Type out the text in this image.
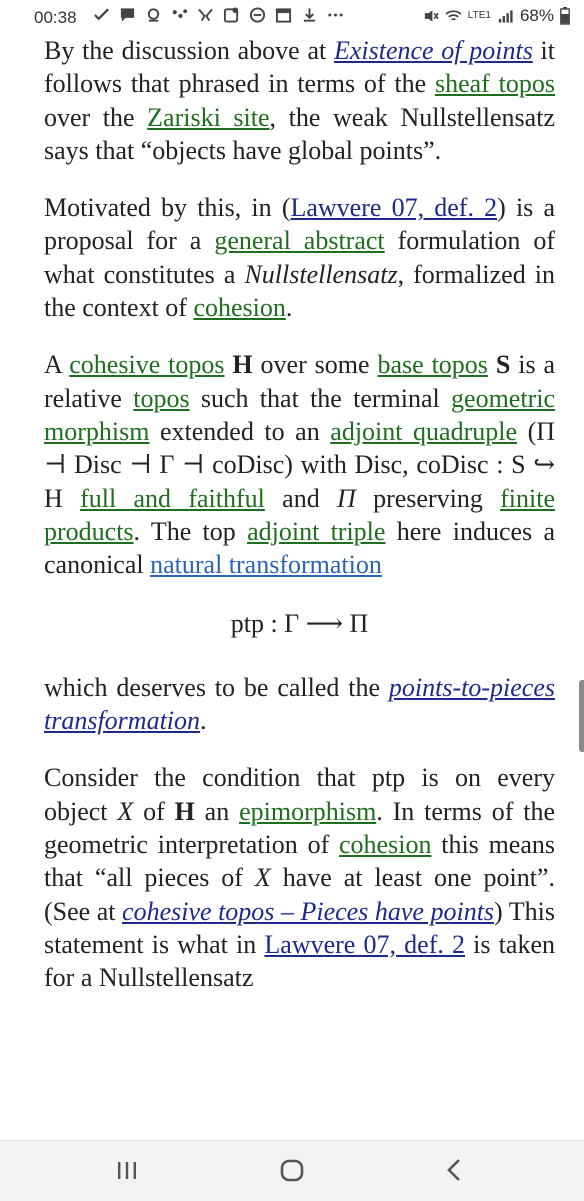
00:38	LTE1 68%

By the discussion above at Existence of points it follows that phrased in terms of the sheaf topos over the Zariski site, the weak Nullstellensatz says that “objects have global points”.

Motivated by this, in (Lawvere 07, def. 2) is a proposal for a general abstract formulation of what constitutes a Nullstellensatz, formalized in the context of cohesion.

A cohesive topos H over some base topos S is a relative topos such that the terminal geometric morphism extended to an adjoint quadruple (Π ⊣ Disc ⊣ Γ ⊣ coDisc) with Disc, coDisc : S ↪ H full and faithful and Π preserving finite products. The top adjoint triple here induces a canonical natural transformation

ptp : Γ ⟶ Π

which deserves to be called the points-to-pieces transformation.

Consider the condition that ptp is on every object X of H an epimorphism. In terms of the geometric interpretation of cohesion this means that “all pieces of X have at least one point”. (See at cohesive topos – Pieces have points) This statement is what in Lawvere 07, def. 2 is taken for a Nullstellensatz
